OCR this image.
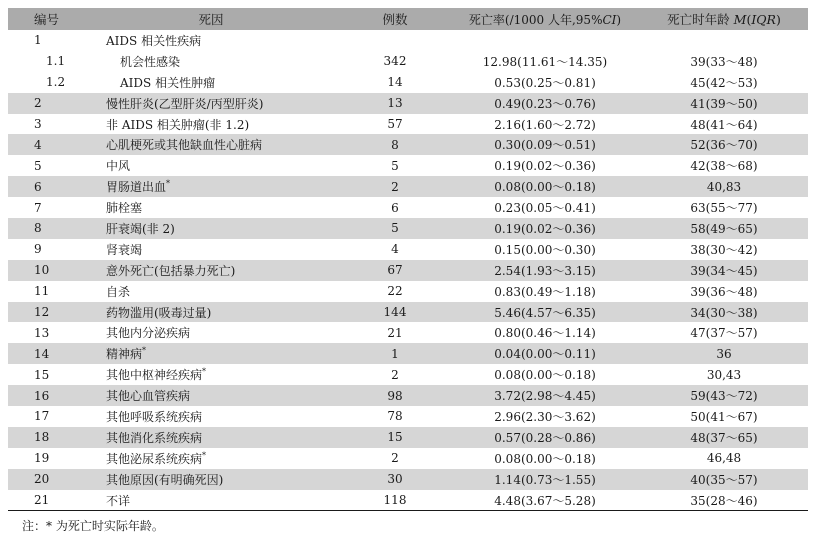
编号	死因	例数	死亡率(/1000 人年,95%CI)	死亡时年龄 M(IQR)
1	AIDS 相关性疾病
1.1	机会性感染	342	12.98(11.61～14.35)	39(33～48)
1.2	AIDS 相关性肿瘤	14	0.53(0.25～0.81)	45(42～53)
2	慢性肝炎(乙型肝炎/丙型肝炎)	13	0.49(0.23～0.76)	41(39～50)
3	非 AIDS 相关肿瘤(非 1.2)	57	2.16(1.60～2.72)	48(41～64)
4	心肌梗死或其他缺血性心脏病	8	0.30(0.09～0.51)	52(36～70)
5	中风	5	0.19(0.02～0.36)	42(38～68)
6	胃肠道出血*	2	0.08(0.00～0.18)	40,83
7	肺栓塞	6	0.23(0.05～0.41)	63(55～77)
8	肝衰竭(非 2)	5	0.19(0.02～0.36)	58(49～65)
9	肾衰竭	4	0.15(0.00～0.30)	38(30～42)
10	意外死亡(包括暴力死亡)	67	2.54(1.93～3.15)	39(34～45)
11	自杀	22	0.83(0.49～1.18)	39(36～48)
12	药物滥用(吸毒过量)	144	5.46(4.57～6.35)	34(30～38)
13	其他内分泌疾病	21	0.80(0.46～1.14)	47(37～57)
14	精神病*	1	0.04(0.00～0.11)	36
15	其他中枢神经疾病*	2	0.08(0.00～0.18)	30,43
16	其他心血管疾病	98	3.72(2.98～4.45)	59(43～72)
17	其他呼吸系统疾病	78	2.96(2.30～3.62)	50(41～67)
18	其他消化系统疾病	15	0.57(0.28～0.86)	48(37～65)
19	其他泌尿系统疾病*	2	0.08(0.00～0.18)	46,48
20	其他原因(有明确死因)	30	1.14(0.73～1.55)	40(35～57)
21	不详	118	4.48(3.67～5.28)	35(28～46)
注：* 为死亡时实际年龄。
